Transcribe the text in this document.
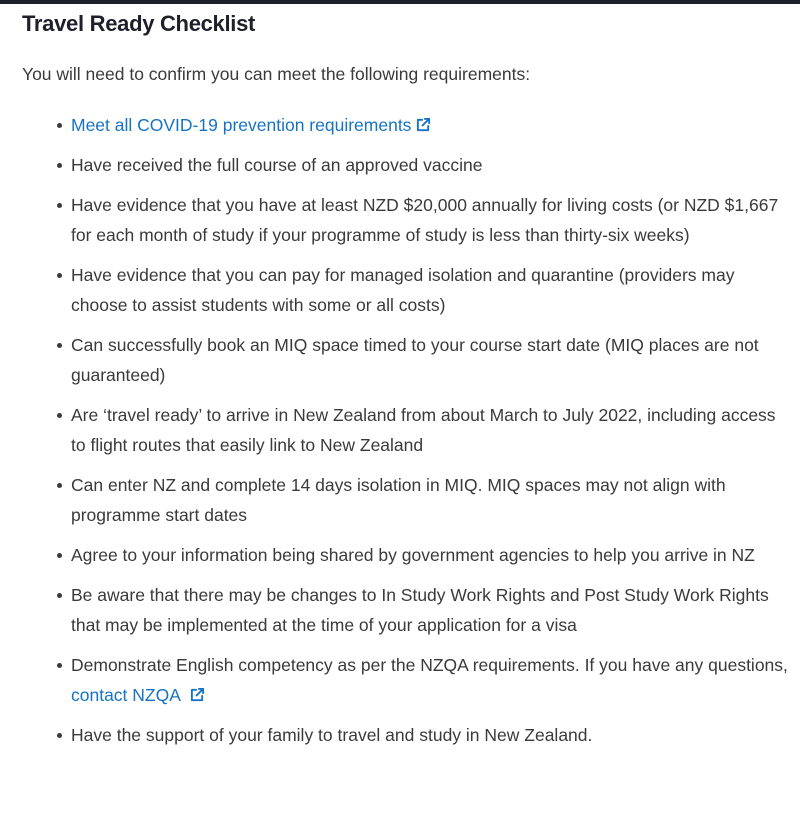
Travel Ready Checklist

You will need to confirm you can meet the following requirements:

Meet all COVID-19 prevention requirements
Have received the full course of an approved vaccine
Have evidence that you have at least NZD $20,000 annually for living costs (or NZD $1,667 for each month of study if your programme of study is less than thirty-six weeks)
Have evidence that you can pay for managed isolation and quarantine (providers may choose to assist students with some or all costs)
Can successfully book an MIQ space timed to your course start date (MIQ places are not guaranteed)
Are ‘travel ready’ to arrive in New Zealand from about March to July 2022, including access to flight routes that easily link to New Zealand
Can enter NZ and complete 14 days isolation in MIQ. MIQ spaces may not align with programme start dates
Agree to your information being shared by government agencies to help you arrive in NZ
Be aware that there may be changes to In Study Work Rights and Post Study Work Rights that may be implemented at the time of your application for a visa
Demonstrate English competency as per the NZQA requirements. If you have any questions, contact NZQA
Have the support of your family to travel and study in New Zealand.
